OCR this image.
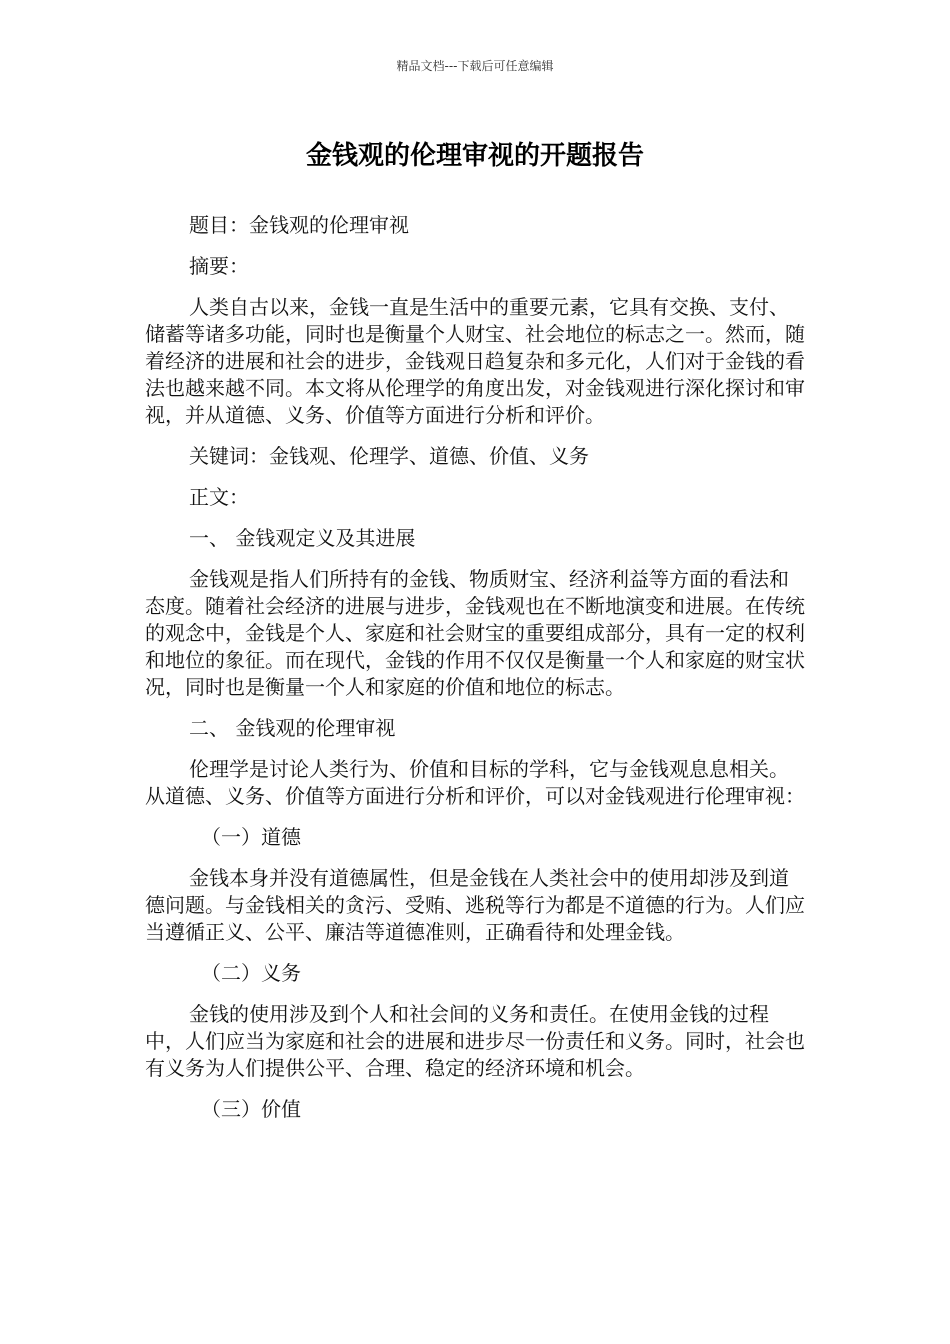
精品文档---下载后可任意编辑
金钱观的伦理审视的开题报告

题目：金钱观的伦理审视

摘要：

人类自古以来，金钱一直是生活中的重要元素，它具有交换、支付、储蓄等诸多功能，同时也是衡量个人财宝、社会地位的标志之一。然而，随着经济的进展和社会的进步，金钱观日趋复杂和多元化，人们对于金钱的看法也越来越不同。本文将从伦理学的角度出发，对金钱观进行深化探讨和审视，并从道德、义务、价值等方面进行分析和评价。

关键词：金钱观、伦理学、道德、价值、义务

正文：

一、 金钱观定义及其进展

金钱观是指人们所持有的金钱、物质财宝、经济利益等方面的看法和态度。随着社会经济的进展与进步，金钱观也在不断地演变和进展。在传统的观念中，金钱是个人、家庭和社会财宝的重要组成部分，具有一定的权利和地位的象征。而在现代，金钱的作用不仅仅是衡量一个人和家庭的财宝状况，同时也是衡量一个人和家庭的价值和地位的标志。

二、 金钱观的伦理审视

伦理学是讨论人类行为、价值和目标的学科，它与金钱观息息相关。从道德、义务、价值等方面进行分析和评价，可以对金钱观进行伦理审视：

（一）道德

金钱本身并没有道德属性，但是金钱在人类社会中的使用却涉及到道德问题。与金钱相关的贪污、受贿、逃税等行为都是不道德的行为。人们应当遵循正义、公平、廉洁等道德准则，正确看待和处理金钱。

（二）义务

金钱的使用涉及到个人和社会间的义务和责任。在使用金钱的过程中，人们应当为家庭和社会的进展和进步尽一份责任和义务。同时，社会也有义务为人们提供公平、合理、稳定的经济环境和机会。

（三）价值
